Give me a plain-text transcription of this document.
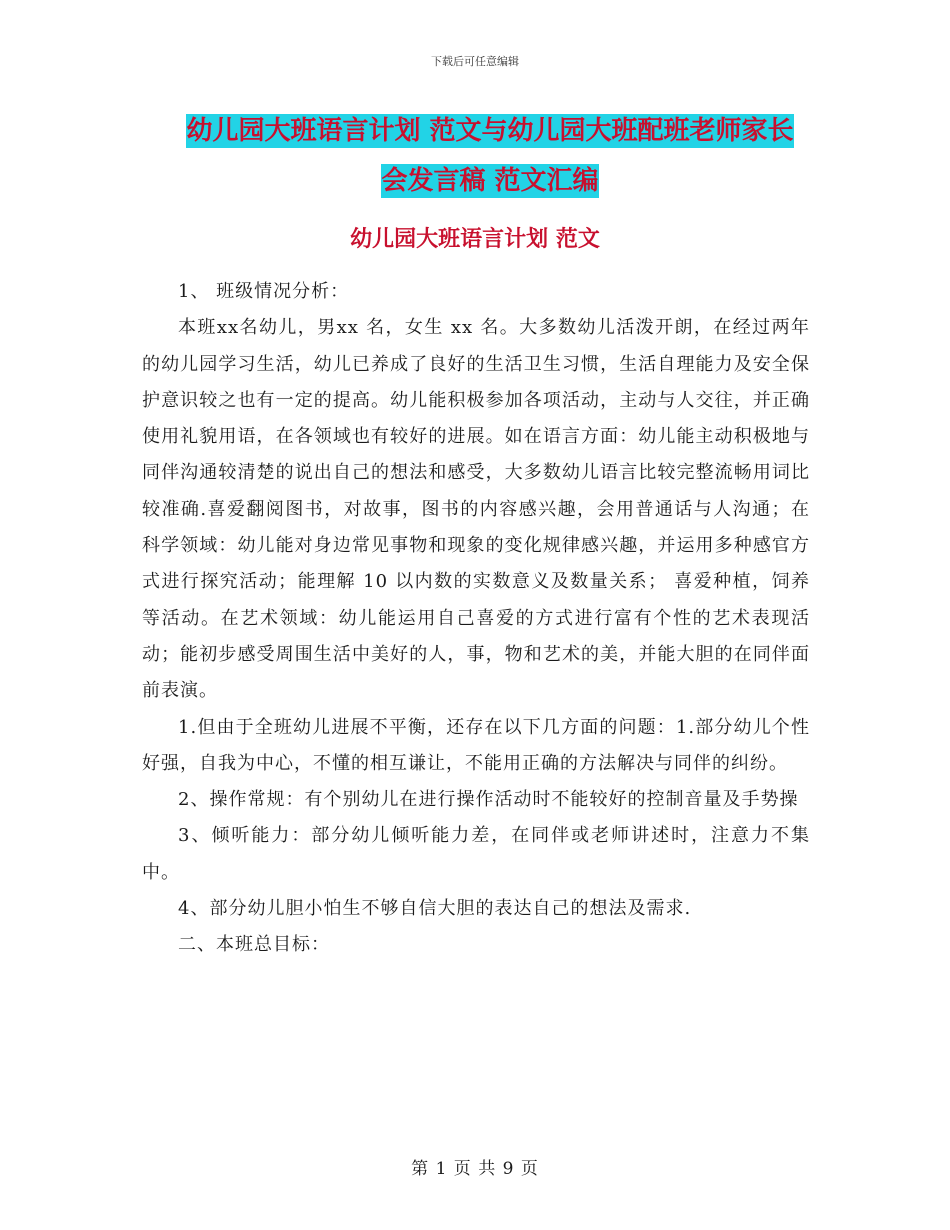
下载后可任意编辑
幼儿园大班语言计划 范文与幼儿园大班配班老师家长
会发言稿 范文汇编
幼儿园大班语言计划 范文

1、 班级情况分析：

本班xx名幼儿，男xx 名，女生 xx 名。大多数幼儿活泼开朗，在经过两年的幼儿园学习生活，幼儿已养成了良好的生活卫生习惯，生活自理能力及安全保护意识较之也有一定的提高。幼儿能积极参加各项活动，主动与人交往，并正确使用礼貌用语，在各领域也有较好的进展。如在语言方面：幼儿能主动积极地与同伴沟通较清楚的说出自己的想法和感受，大多数幼儿语言比较完整流畅用词比较准确.喜爱翻阅图书，对故事，图书的内容感兴趣，会用普通话与人沟通；在科学领域：幼儿能对身边常见事物和现象的变化规律感兴趣，并运用多种感官方式进行探究活动；能理解 10 以内数的实数意义及数量关系； 喜爱种植，饲养等活动。在艺术领域：幼儿能运用自己喜爱的方式进行富有个性的艺术表现活动；能初步感受周围生活中美好的人，事，物和艺术的美，并能大胆的在同伴面前表演。

1.但由于全班幼儿进展不平衡，还存在以下几方面的问题：1.部分幼儿个性好强，自我为中心，不懂的相互谦让，不能用正确的方法解决与同伴的纠纷。

2、操作常规：有个别幼儿在进行操作活动时不能较好的控制音量及手势操

3、倾听能力：部分幼儿倾听能力差，在同伴或老师讲述时，注意力不集中。

4、部分幼儿胆小怕生不够自信大胆的表达自己的想法及需求.

二、本班总目标：

第 1 页 共 9 页
